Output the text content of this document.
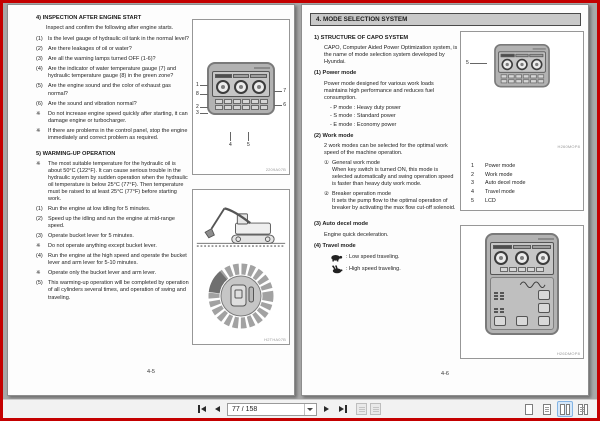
4) INSPECTION AFTER ENGINE START
Inspect and confirm the following after engine starts.
(1) Is the level gauge of hydraulic oil tank in the normal level?
(2) Are there leakages of oil or water?
(3) Are all the warning lamps turned OFF (1-6)?
(4) Are the indicator of water temperature gauge (7) and hydraulic temperature gauge (8) in the green zone?
(5) Are the engine sound and the color of exhaust gas normal?
(6) Are the sound and vibration normal?
※	Do not increase engine speed quickly after starting, it can damage engine or turbocharger.
※	If there are problems in the control panel, stop the engine immediately and correct problem as required.
5) WARMING-UP OPERATION
※	The most suitable temperature for the hydraulic oil is about 50°C (122°F). It can cause serious trouble in the hydraulic system by sudden operation when the hydraulic oil temperature is below 25°C (77°F). Then temperature must be raised to at least 25°C (77°F) before starting work.
(1) Run the engine at low idling for 5 minutes.
(2) Speed up the idling and run the engine at mid-range speed.
(3) Operate bucket lever for 5 minutes.
※	Do not operate anything except bucket lever.
(4) Run the engine at the high speed and operate the bucket lever and arm lever for 5-10 minutes.
※	Operate only the bucket lever and arm lever.
(5) This warming-up operation will be completed by operation of all cylinders several times, and operation of swing and traveling.
1
8
2
3
7
6
4	5
2209A07B
H2THA07B
4-5
4. MODE SELECTION SYSTEM
1) STRUCTURE OF CAPO SYSTEM
CAPO, Computer Aided Power Optimization system, is the name of mode selection system developed by Hyundai.
(1) Power mode
Power mode designed for various work loads maintains high performance and reduces fuel consumption.
- P mode : Heavy duty power
- S mode : Standard power
- E mode : Economy power
(2) Work mode
2 work modes can be selected for the optimal work speed of the machine operation.
① General work mode
When key switch is turned ON, this mode is selected automatically and swing operation speed is faster than heavy duty work mode.
② Breaker operation mode
It sets the pump flow to the optimal operation of breaker by activating the max flow cut-off solenoid.
(3) Auto decel mode
Engine quick deceleration.
(4) Travel mode
: Low speed traveling.
: High speed traveling.
5
H260MOP8
1	Power mode
2	Work mode
3	Auto decel mode
4	Travel mode
5	LCD
H26DMOP8
4-6
77 / 158
